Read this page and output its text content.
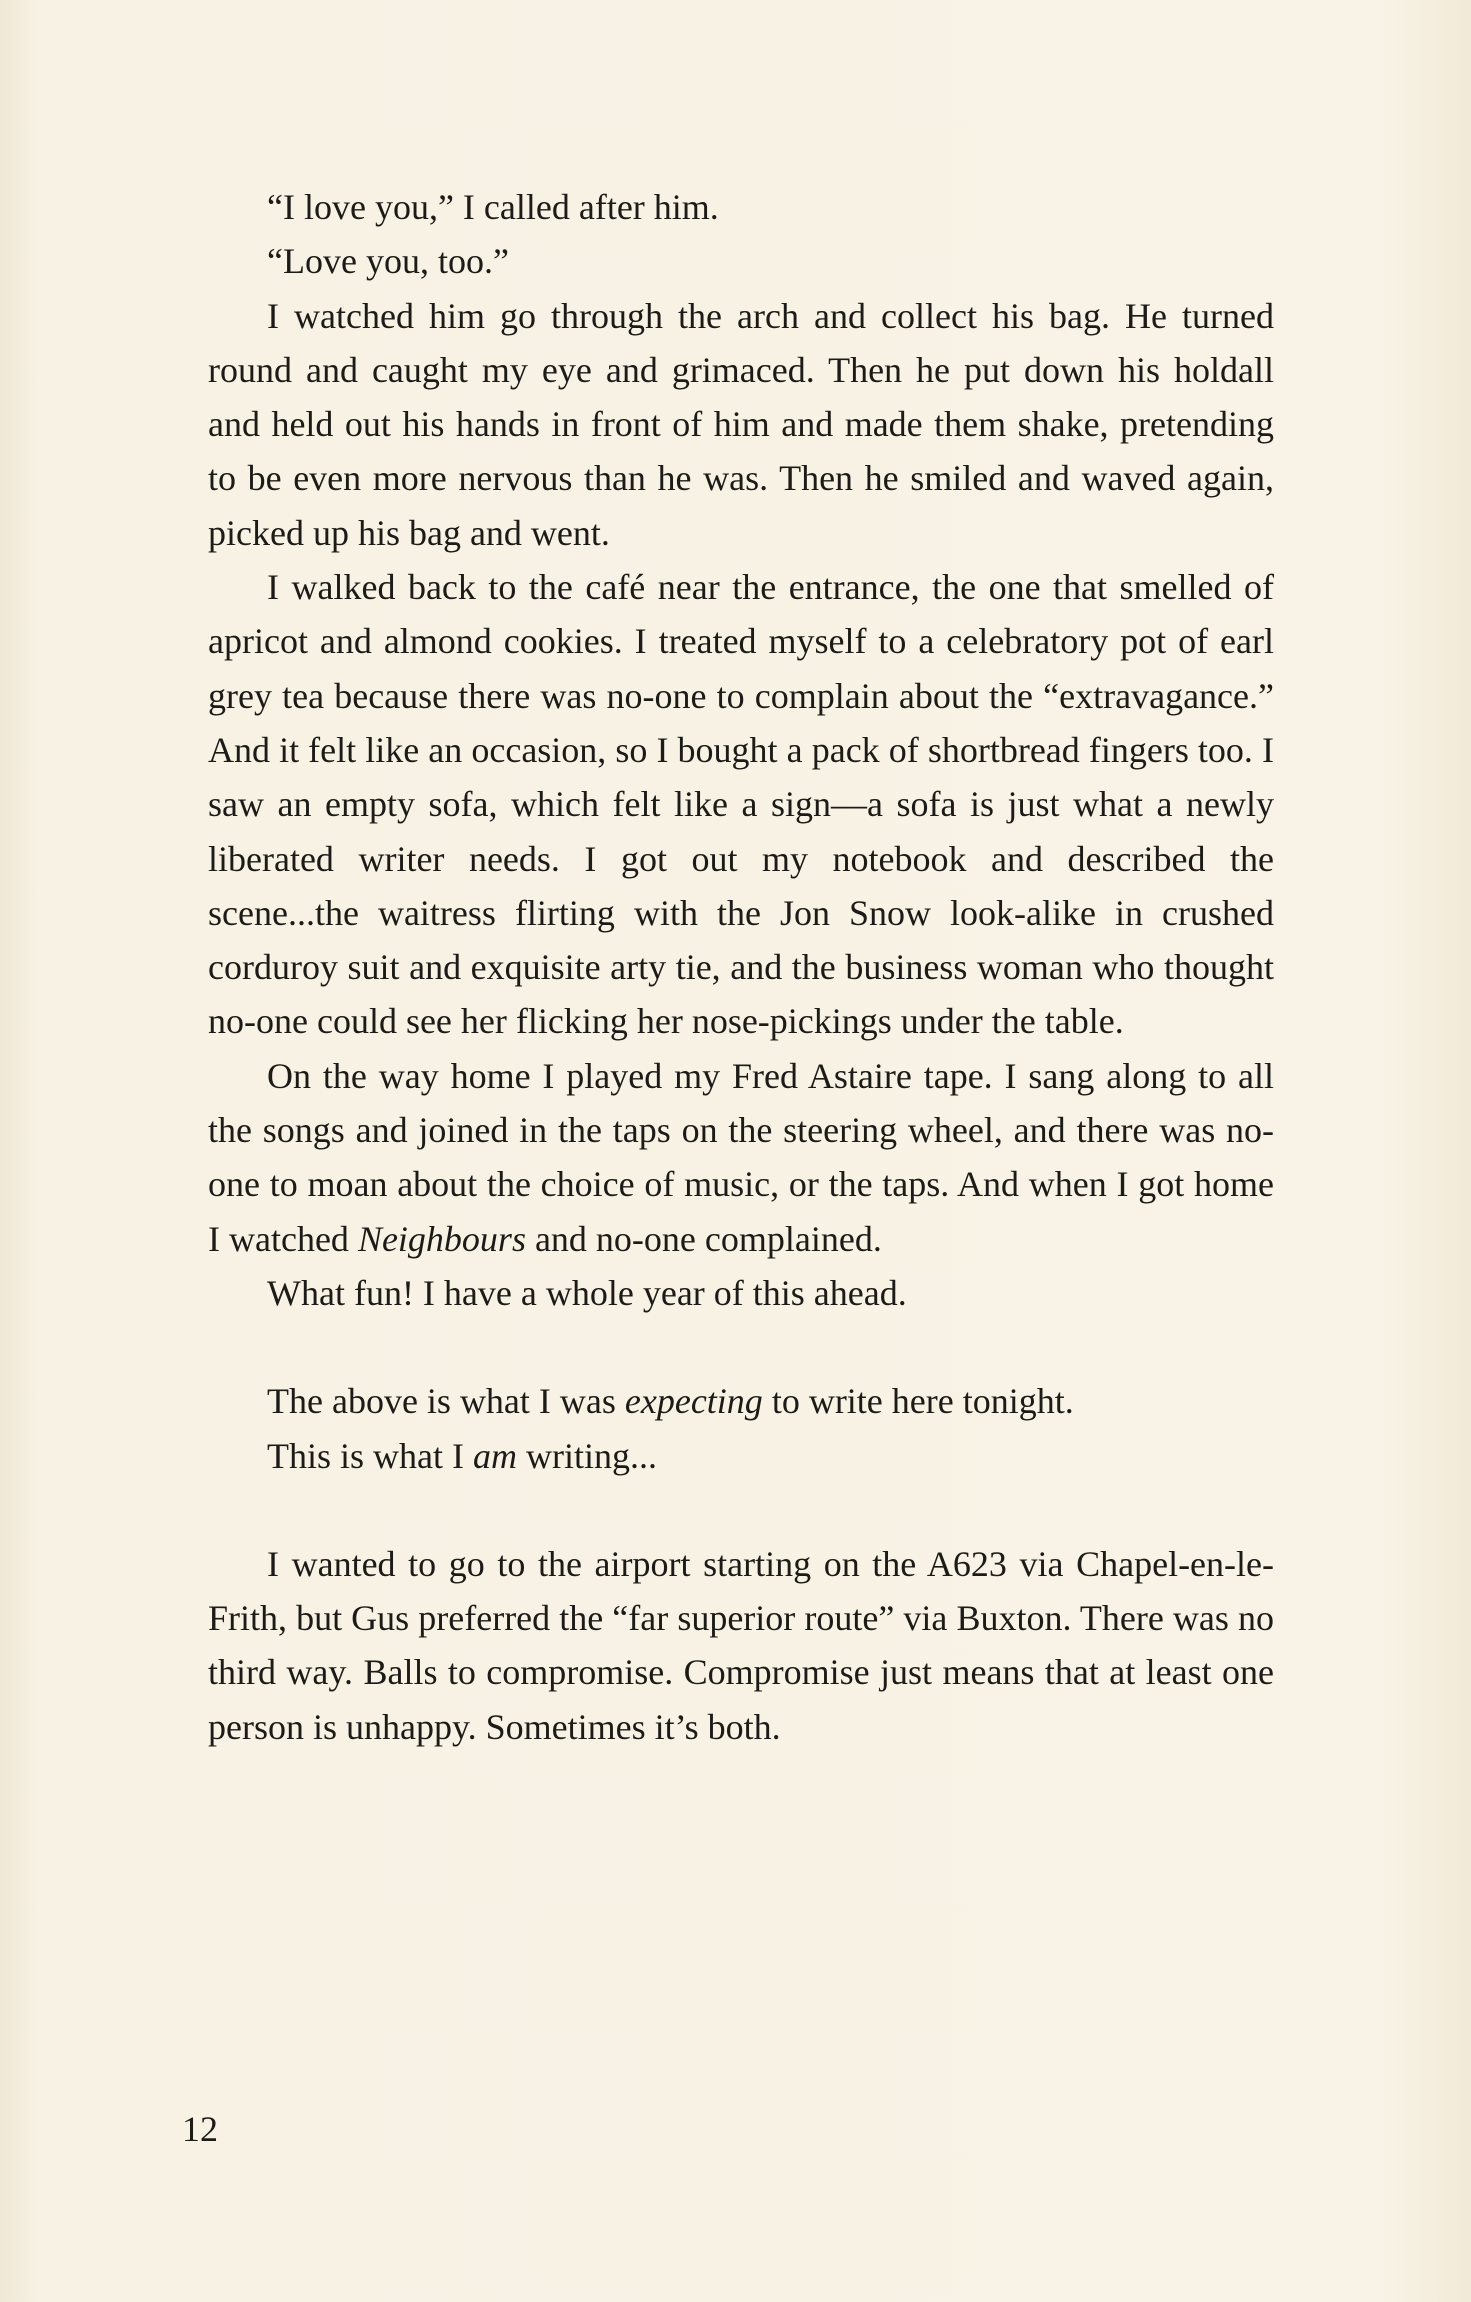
“I love you,” I called after him.

“Love you, too.”

I watched him go through the arch and collect his bag. He turned round and caught my eye and grimaced. Then he put down his holdall and held out his hands in front of him and made them shake, pretending to be even more nervous than he was. Then he smiled and waved again, picked up his bag and went.

I walked back to the café near the entrance, the one that smelled of apricot and almond cookies. I treated myself to a celebratory pot of earl grey tea because there was no-one to complain about the “extravagance.” And it felt like an occasion, so I bought a pack of shortbread fingers too. I saw an empty sofa, which felt like a sign—a sofa is just what a newly liberated writer needs. I got out my notebook and described the scene...the waitress flirting with the Jon Snow look-alike in crushed corduroy suit and exquisite arty tie, and the business woman who thought no-one could see her flicking her nose-pickings under the table.

On the way home I played my Fred Astaire tape. I sang along to all the songs and joined in the taps on the steering wheel, and there was no-one to moan about the choice of music, or the taps. And when I got home I watched Neighbours and no-one complained.

What fun! I have a whole year of this ahead.

The above is what I was expecting to write here tonight.

This is what I am writing...

I wanted to go to the airport starting on the A623 via Chapel-en-le-Frith, but Gus preferred the “far superior route” via Buxton. There was no third way. Balls to compromise. Compromise just means that at least one person is unhappy. Sometimes it’s both.

12
